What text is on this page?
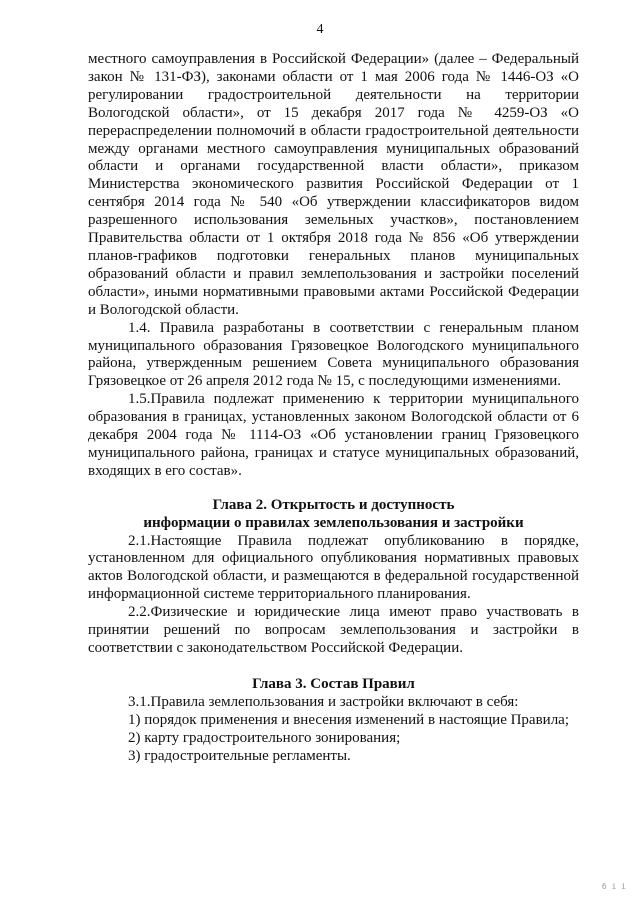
4

местного самоуправления в Российской Федерации» (далее – Федеральный закон № 131-ФЗ), законами области от 1 мая 2006 года № 1446-ОЗ «О регулировании градостроительной деятельности на территории Вологодской области», от 15 декабря 2017 года № 4259-ОЗ «О перераспределении полномочий в области градостроительной деятельности между органами местного самоуправления муниципальных образований области и органами государственной власти области», приказом Министерства экономического развития Российской Федерации от 1 сентября 2014 года № 540 «Об утверждении классификаторов видом разрешенного использования земельных участков», постановлением Правительства области от 1 октября 2018 года № 856 «Об утверждении планов-графиков подготовки генеральных планов муниципальных образований области и правил землепользования и застройки поселений области», иными нормативными правовыми актами Российской Федерации и Вологодской области.

1.4. Правила разработаны в соответствии с генеральным планом муниципального образования Грязовецкое Вологодского муниципального района, утвержденным решением Совета муниципального образования Грязовецкое от 26 апреля 2012 года № 15, с последующими изменениями.

1.5.Правила подлежат применению к территории муниципального образования в границах, установленных законом Вологодской области от 6 декабря 2004 года № 1114-ОЗ «Об установлении границ Грязовецкого муниципального района, границах и статусе муниципальных образований, входящих в его состав».

Глава 2. Открытость и доступность

информации о правилах землепользования и застройки

2.1.Настоящие Правила подлежат опубликованию в порядке, установленном для официального опубликования нормативных правовых актов Вологодской области, и размещаются в федеральной государственной информационной системе территориального планирования.

2.2.Физические и юридические лица имеют право участвовать в принятии решений по вопросам землепользования и застройки в соответствии с законодательством Российской Федерации.

Глава 3. Состав Правил

3.1.Правила землепользования и застройки включают в себя:

1) порядок применения и внесения изменений в настоящие Правила;

2) карту градостроительного зонирования;

3) градостроительные регламенты.

б і і
